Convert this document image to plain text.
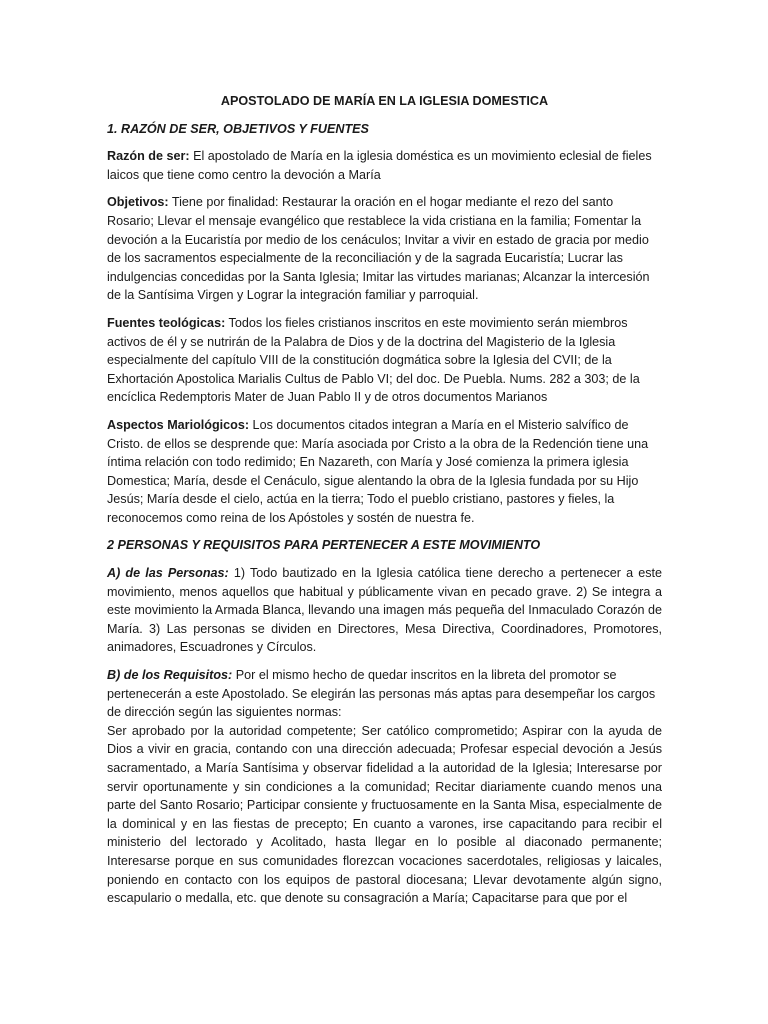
APOSTOLADO DE MARÍA EN LA IGLESIA DOMESTICA
1. RAZÓN DE SER, OBJETIVOS Y FUENTES

Razón de ser: El apostolado de María en la iglesia doméstica es un movimiento eclesial de fieles laicos que tiene como centro la devoción a María

Objetivos: Tiene por finalidad: Restaurar la oración en el hogar mediante el rezo del santo Rosario; Llevar el mensaje evangélico que restablece la vida cristiana en la familia; Fomentar la devoción a la Eucaristía por medio de los cenáculos; Invitar a vivir en estado de gracia por medio de los sacramentos especialmente de la reconciliación y de la sagrada Eucaristía; Lucrar las indulgencias concedidas por la Santa Iglesia; Imitar las virtudes marianas; Alcanzar la intercesión de la Santísima Virgen y Lograr la integración familiar y parroquial.

Fuentes teológicas: Todos los fieles cristianos inscritos en este movimiento serán miembros activos de él y se nutrirán de la Palabra de Dios y de la doctrina del Magisterio de la Iglesia especialmente del capítulo VIII de la constitución dogmática sobre la Iglesia del CVII; de la Exhortación Apostolica Marialis Cultus de Pablo VI; del doc. De Puebla. Nums. 282 a 303; de la encíclica Redemptoris Mater de Juan Pablo II y de otros documentos Marianos

Aspectos Mariológicos: Los documentos citados integran a María en el Misterio salvífico de Cristo. de ellos se desprende que: María asociada por Cristo a la obra de la Redención tiene una íntima relación con todo redimido; En Nazareth, con María y José comienza la primera iglesia Domestica; María, desde el Cenáculo, sigue alentando la obra de la Iglesia fundada por su Hijo Jesús; María desde el cielo, actúa en la tierra; Todo el pueblo cristiano, pastores y fieles, la reconocemos como reina de los Apóstoles y sostén de nuestra fe.

2 PERSONAS Y REQUISITOS PARA PERTENECER A ESTE MOVIMIENTO

A) de las Personas: 1) Todo bautizado en la Iglesia católica tiene derecho a pertenecer a este movimiento, menos aquellos que habitual y públicamente vivan en pecado grave. 2) Se integra a este movimiento la Armada Blanca, llevando una imagen más pequeña del Inmaculado Corazón de María. 3) Las personas se dividen en Directores, Mesa Directiva, Coordinadores, Promotores, animadores, Escuadrones y Círculos.

B) de los Requisitos: Por el mismo hecho de quedar inscritos en la libreta del promotor se pertenecerán a este Apostolado. Se elegirán las personas más aptas para desempeñar los cargos de dirección según las siguientes normas:

Ser aprobado por la autoridad competente; Ser católico comprometido; Aspirar con la ayuda de Dios a vivir en gracia, contando con una dirección adecuada; Profesar especial devoción a Jesús sacramentado, a María Santísima y observar fidelidad a la autoridad de la Iglesia; Interesarse por servir oportunamente y sin condiciones a la comunidad; Recitar diariamente cuando menos una parte del Santo Rosario; Participar consiente y fructuosamente en la Santa Misa, especialmente de la dominical y en las fiestas de precepto; En cuanto a varones, irse capacitando para recibir el ministerio del lectorado y Acolitado, hasta llegar en lo posible al diaconado permanente; Interesarse porque en sus comunidades florezcan vocaciones sacerdotales, religiosas y laicales, poniendo en contacto con los equipos de pastoral diocesana; Llevar devotamente algún signo, escapulario o medalla, etc. que denote su consagración a María; Capacitarse para que por el
